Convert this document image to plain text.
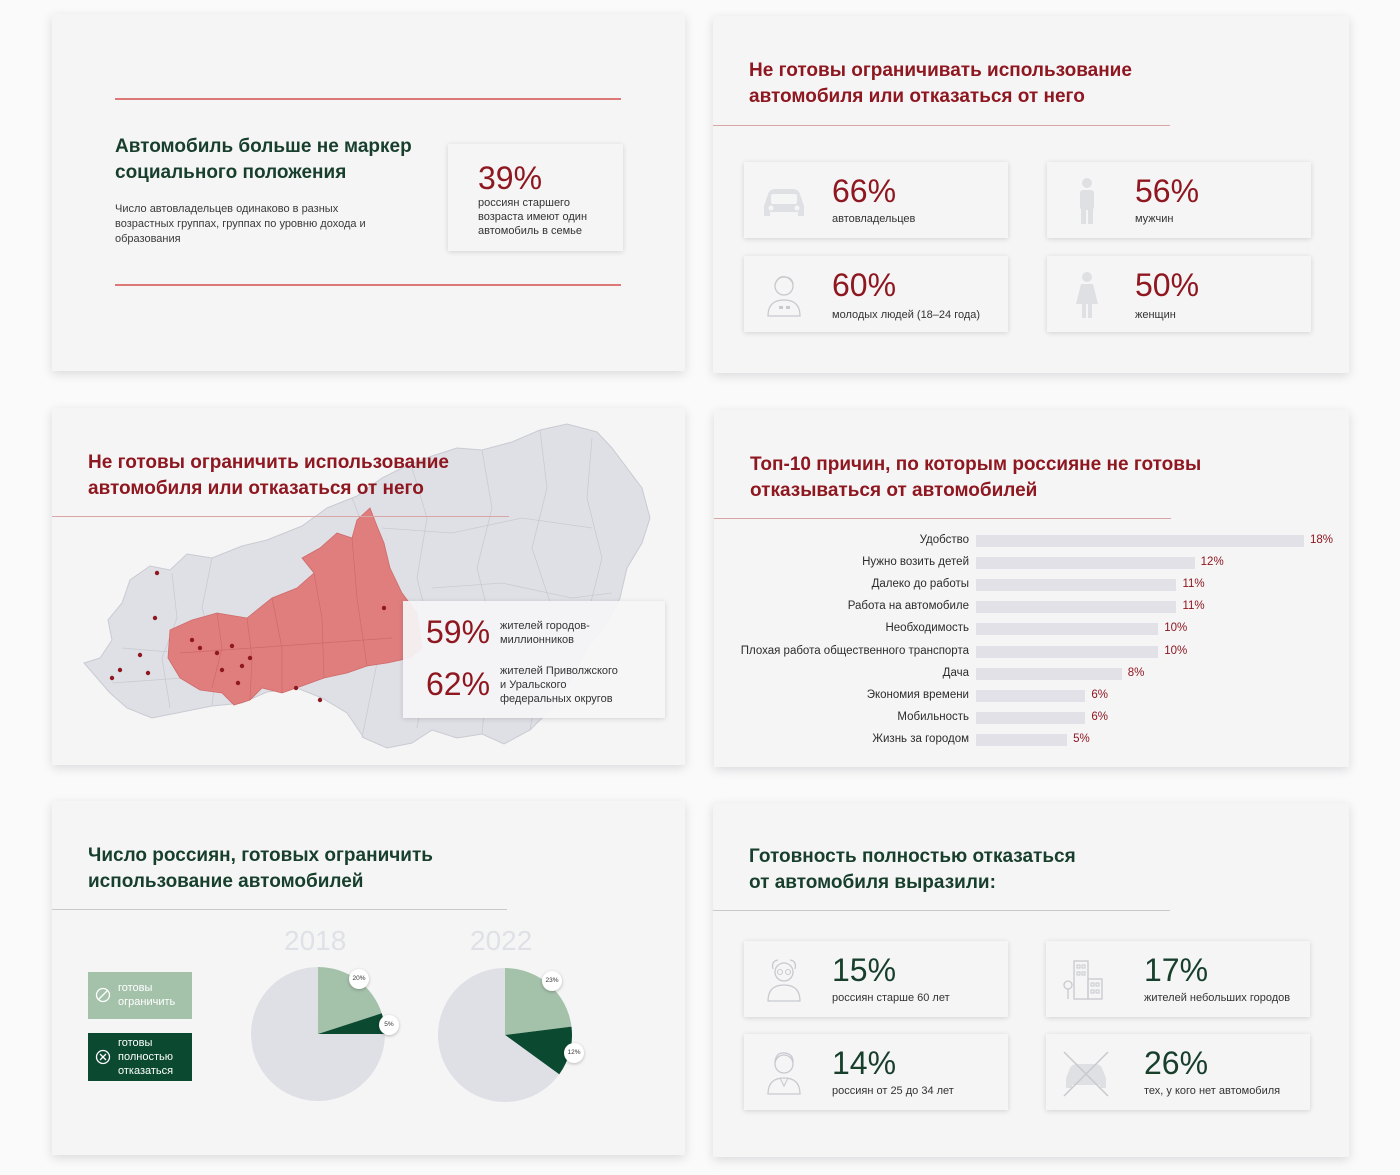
Автомобиль больше не маркер
социального положения
Число автовладельцев одинаково в разных возрастных группах, группах по уровню дохода и образования
39%
россиян старшего возраста имеют один автомобиль в семье
Не готовы ограничивать использование
автомобиля или отказаться от него
66%
автовладельцев
56%
мужчин
60%
молодых людей (18–24 года)
50%
женщин
Не готовы ограничить использование
автомобиля или отказаться от него
59% жителей городов-
миллионников
62% жителей Приволжского
и Уральского
федеральных округов
Топ-10 причин, по которым россияне не готовы
отказываться от автомобилей
Удобство	18%
Нужно возить детей	12%
Далеко до работы	11%
Работа на автомобиле	11%
Необходимость	10%
Плохая работа общественного транспорта	10%
Дача	8%
Экономия времени	6%
Мобильность	6%
Жизнь за городом	5%
Число россиян, готовых ограничить
использование автомобилей
готовы
ограничить
готовы
полностью
отказаться
2018	2022
20%
5%
23%
12%
Готовность полностью отказаться
от автомобиля выразили:
15%
россиян старше 60 лет
17%
жителей небольших городов
14%
россиян от 25 до 34 лет
26%
тех, у кого нет автомобиля
